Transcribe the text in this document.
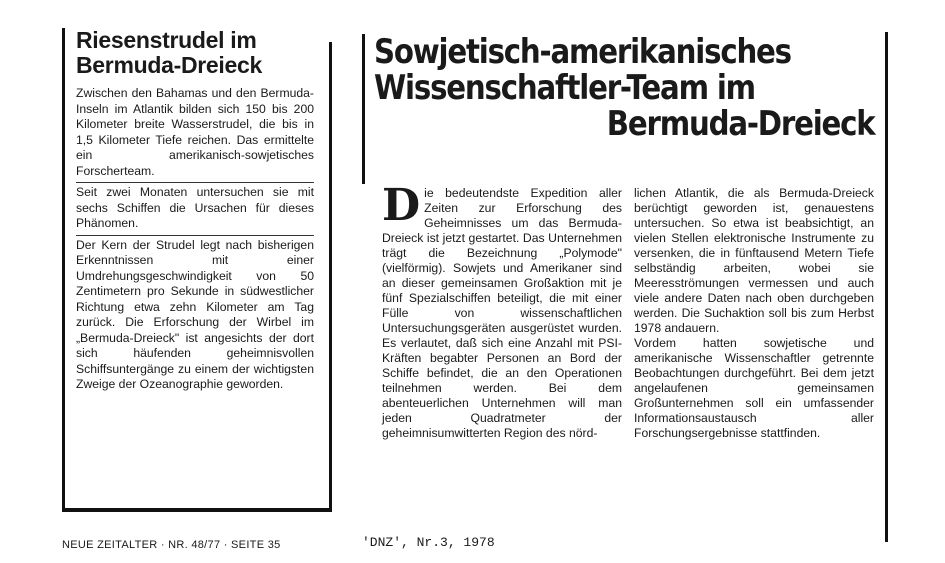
Riesenstrudel im
Bermuda-Dreieck

Zwischen den Bahamas und den Bermuda-Inseln im Atlantik bilden sich 150 bis 200 Kilometer breite Wasserstrudel, die bis in 1,5 Kilometer Tiefe reichen. Das ermittelte ein amerikanisch-sowjetisches Forscherteam.

Seit zwei Monaten untersuchen sie mit sechs Schiffen die Ursachen für dieses Phänomen.

Der Kern der Strudel legt nach bisherigen Erkenntnissen mit einer Umdrehungsgeschwindigkeit von 50 Zentimetern pro Sekunde in südwestlicher Richtung etwa zehn Kilometer am Tag zurück. Die Erforschung der Wirbel im „Bermuda-Dreieck" ist angesichts der dort sich häufenden geheimnisvollen Schiffsuntergänge zu einem der wichtigsten Zweige der Ozeanographie geworden.

NEUE ZEITALTER · NR. 48/77 · SEITE 35
Sowjetisch-amerikanisches
Wissenschaftler-Team im
Bermuda-Dreieck
D ie bedeutendste Expedition aller Zeiten zur Erforschung des Geheimnisses um das Bermuda-Dreieck ist jetzt gestartet. Das Unternehmen trägt die Bezeichnung „Polymode" (vielförmig). Sowjets und Amerikaner sind an dieser gemeinsamen Großaktion mit je fünf Spezialschiffen beteiligt, die mit einer Fülle von wissenschaftlichen Untersuchungsgeräten ausgerüstet wurden. Es verlautet, daß sich eine Anzahl mit PSI-Kräften begabter Personen an Bord der Schiffe befindet, die an den Operationen teilnehmen werden. Bei dem abenteuerlichen Unternehmen will man jeden Quadratmeter der geheimnisumwitterten Region des nörd-

lichen Atlantik, die als Bermuda-Dreieck berüchtigt geworden ist, genauestens untersuchen. So etwa ist beabsichtigt, an vielen Stellen elektronische Instrumente zu versenken, die in fünftausend Metern Tiefe selbständig arbeiten, wobei sie Meeresströmungen vermessen und auch viele andere Daten nach oben durchgeben werden. Die Suchaktion soll bis zum Herbst 1978 andauern.

Vordem hatten sowjetische und amerikanische Wissenschaftler getrennte Beobachtungen durchgeführt. Bei dem jetzt angelaufenen gemeinsamen Großunternehmen soll ein umfassender Informationsaustausch aller Forschungsergebnisse stattfinden.

'DNZ', Nr.3, 1978
